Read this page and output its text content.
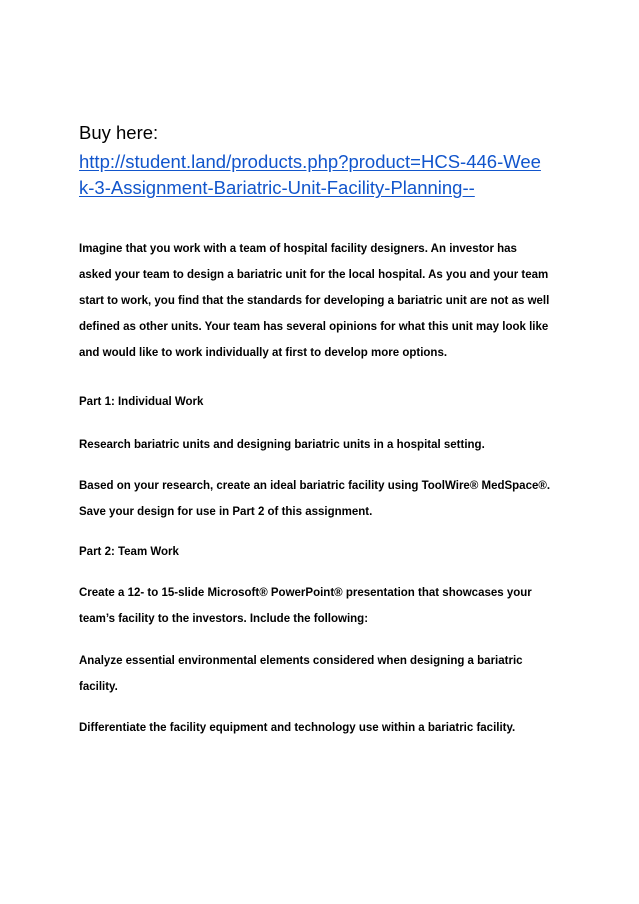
Buy here:
http://student.land/products.php?product=HCS-446-Wee
k-3-Assignment-Bariatric-Unit-Facility-Planning--
Imagine that you work with a team of hospital facility designers. An investor has
asked your team to design a bariatric unit for the local hospital. As you and your team
start to work, you find that the standards for developing a bariatric unit are not as well
defined as other units. Your team has several opinions for what this unit may look like
and would like to work individually at first to develop more options.
Part 1: Individual Work
Research bariatric units and designing bariatric units in a hospital setting.
Based on your research, create an ideal bariatric facility using ToolWire® MedSpace®.
Save your design for use in Part 2 of this assignment.
Part 2: Team Work
Create a 12- to 15-slide Microsoft® PowerPoint® presentation that showcases your
team’s facility to the investors. Include the following:
Analyze essential environmental elements considered when designing a bariatric
facility.
Differentiate the facility equipment and technology use within a bariatric facility.
